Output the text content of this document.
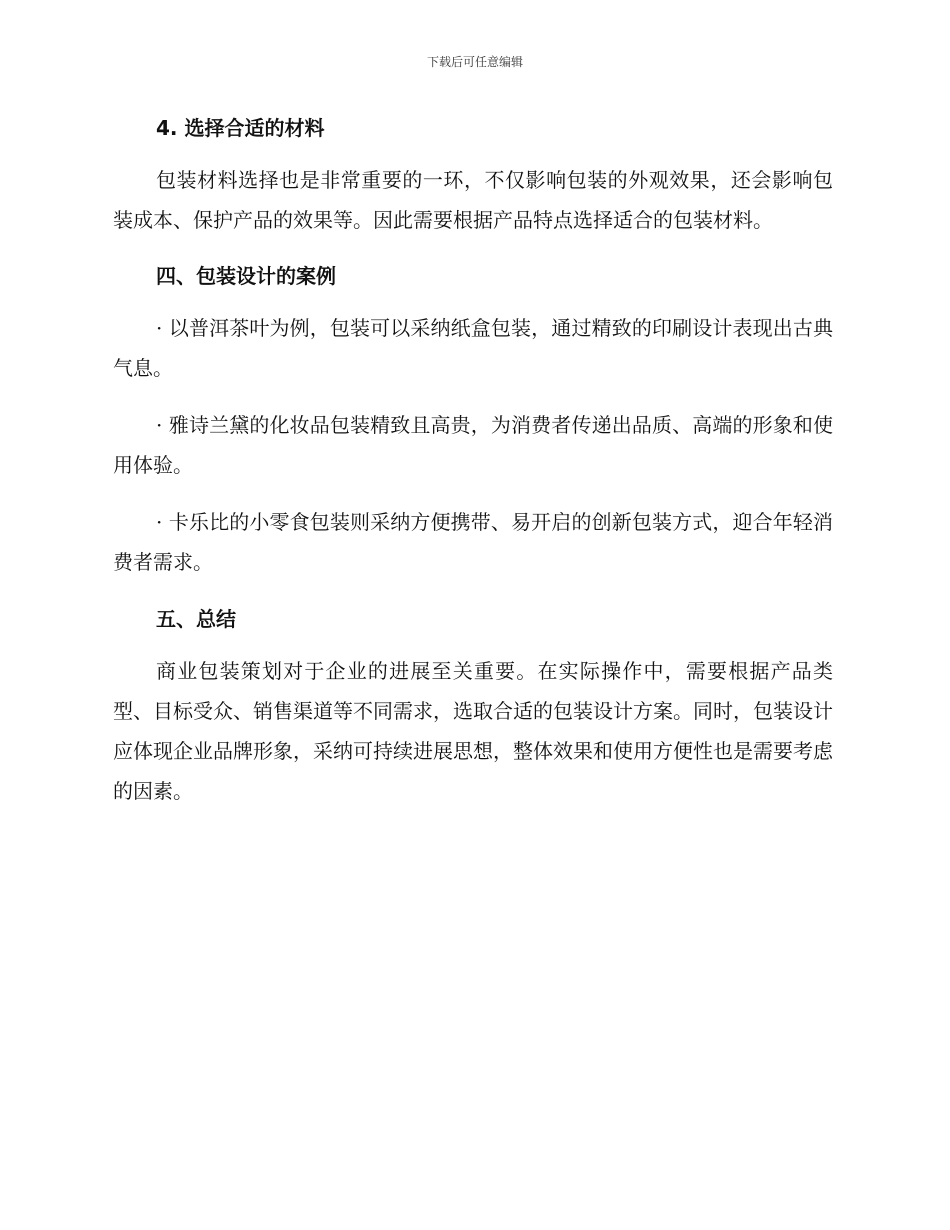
下载后可任意编辑
4. 选择合适的材料

包装材料选择也是非常重要的一环，不仅影响包装的外观效果，还会影响包装成本、保护产品的效果等。因此需要根据产品特点选择适合的包装材料。

四、包装设计的案例

· 以普洱茶叶为例，包装可以采纳纸盒包装，通过精致的印刷设计表现出古典气息。

· 雅诗兰黛的化妆品包装精致且高贵，为消费者传递出品质、高端的形象和使用体验。

· 卡乐比的小零食包装则采纳方便携带、易开启的创新包装方式，迎合年轻消费者需求。

五、总结

商业包装策划对于企业的进展至关重要。在实际操作中，需要根据产品类型、目标受众、销售渠道等不同需求，选取合适的包装设计方案。同时，包装设计应体现企业品牌形象，采纳可持续进展思想，整体效果和使用方便性也是需要考虑的因素。
